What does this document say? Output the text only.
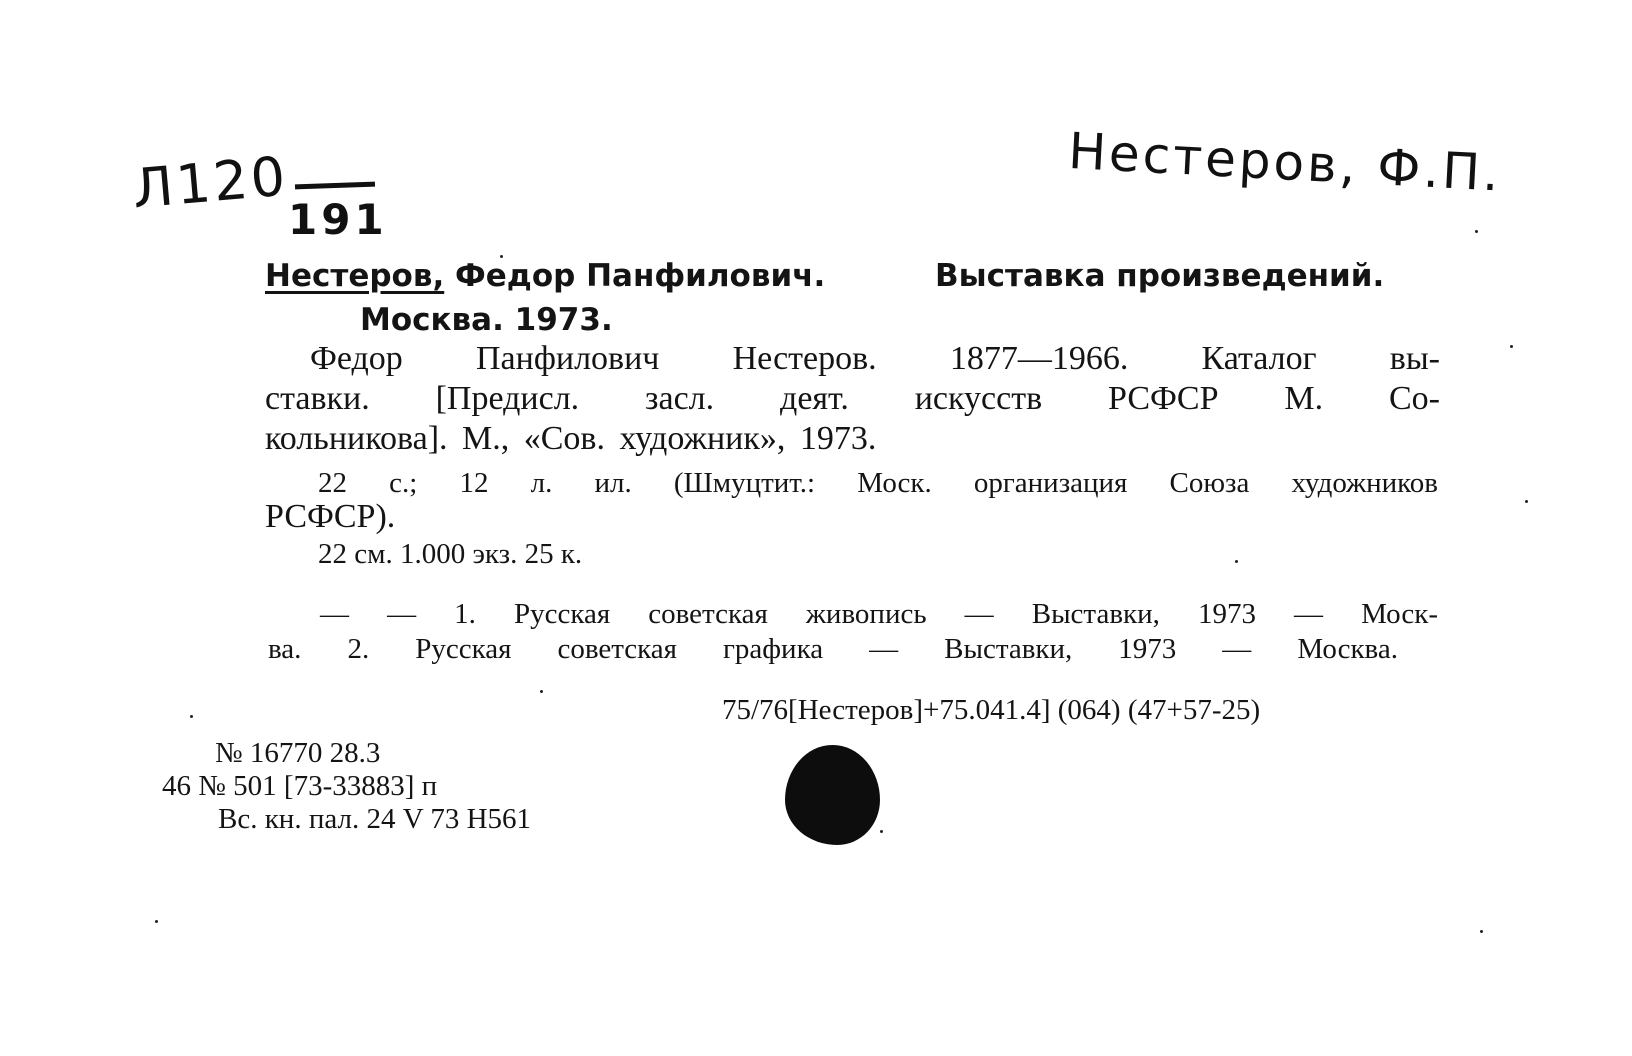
Л120
191
Нестеров, Ф.П.
Нестеров, Федор Панфилович.	Выставка произведений.
Москва. 1973.
Федор Панфилович Нестеров. 1877—1966. Каталог вы-
ставки. [Предисл. засл. деят. искусств РСФСР М. Со-
кольникова]. М., «Сов. художник», 1973.
22 с.; 12 л. ил. (Шмуцтит.: Моск. организация Союза художников
РСФСР).
22 см. 1.000 экз. 25 к.
— — 1. Русская советская живопись — Выставки, 1973 — Моск-
ва. 2. Русская советская графика — Выставки, 1973 — Москва.
75/76[Нестеров]+75.041.4] (064) (47+57-25)
№ 16770 28.3
46 № 501 [73-33883] п
Вс. кн. пал. 24 V 73 Н561
